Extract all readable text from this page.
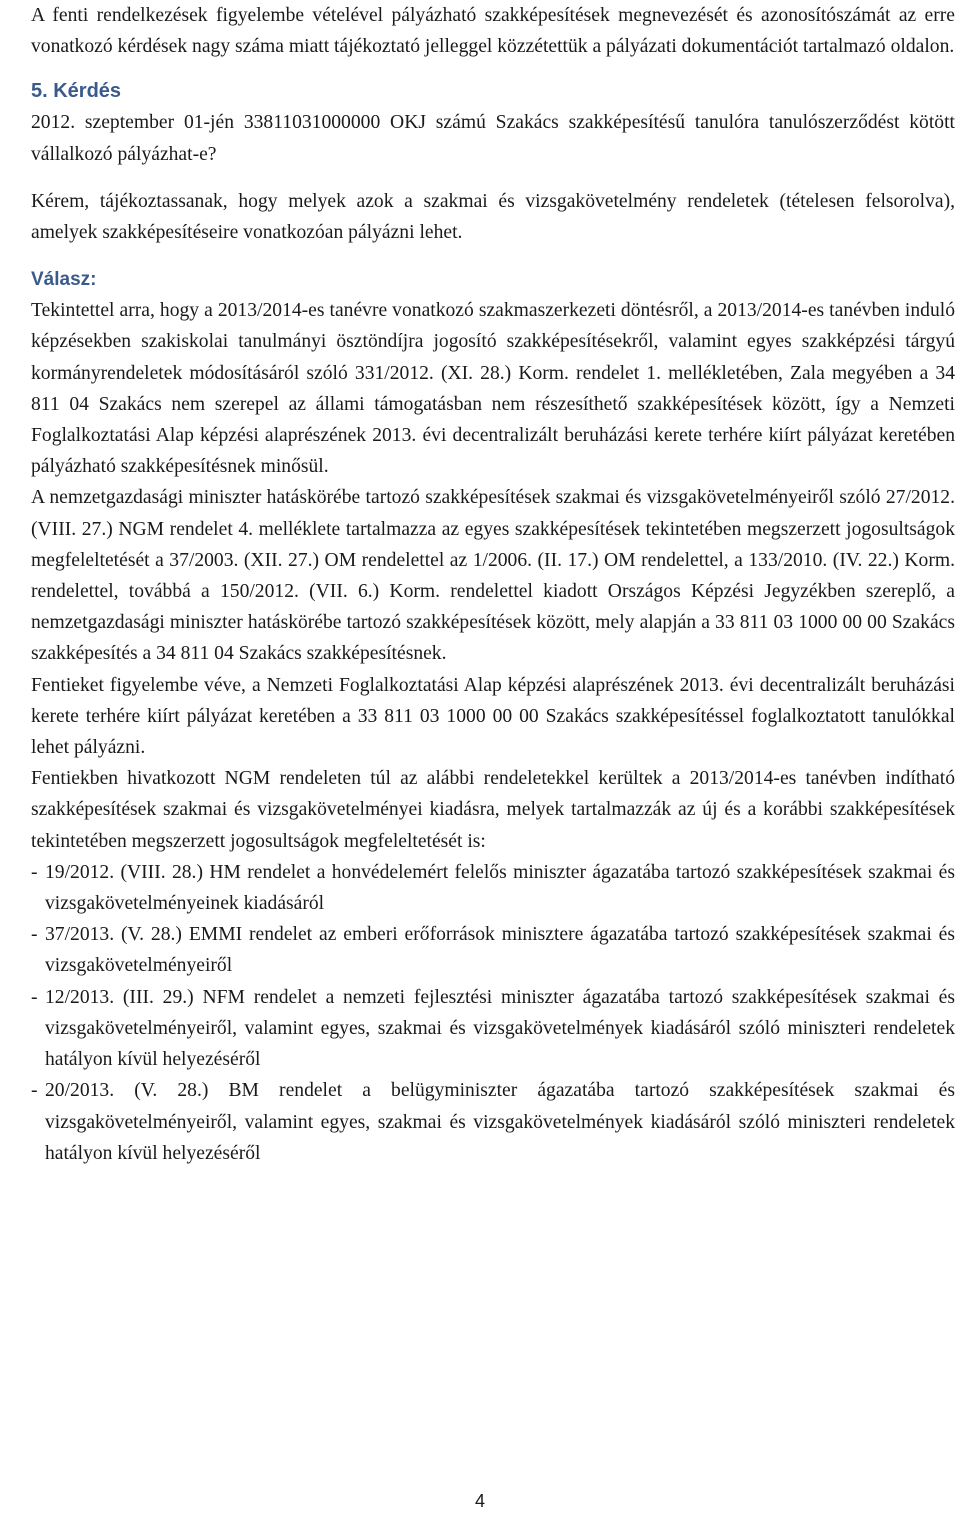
A fenti rendelkezések figyelembe vételével pályázható szakképesítések megnevezését és azonosítószámát az erre vonatkozó kérdések nagy száma miatt tájékoztató jelleggel közzétettük a pályázati dokumentációt tartalmazó oldalon.

5. Kérdés

2012. szeptember 01-jén 33811031000000 OKJ számú Szakács szakképesítésű tanulóra tanulószerződést kötött vállalkozó pályázhat-e?

Kérem, tájékoztassanak, hogy melyek azok a szakmai és vizsgakövetelmény rendeletek (tételesen felsorolva), amelyek szakképesítéseire vonatkozóan pályázni lehet.

Válasz:

Tekintettel arra, hogy a 2013/2014-es tanévre vonatkozó szakmaszerkezeti döntésről, a 2013/2014-es tanévben induló képzésekben szakiskolai tanulmányi ösztöndíjra jogosító szakképesítésekről, valamint egyes szakképzési tárgyú kormányrendeletek módosításáról szóló 331/2012. (XI. 28.) Korm. rendelet 1. mellékletében, Zala megyében a 34 811 04 Szakács nem szerepel az állami támogatásban nem részesíthető szakképesítések között, így a Nemzeti Foglalkoztatási Alap képzési alaprészének 2013. évi decentralizált beruházási kerete terhére kiírt pályázat keretében pályázható szakképesítésnek minősül.

A nemzetgazdasági miniszter hatáskörébe tartozó szakképesítések szakmai és vizsgakövetelményeiről szóló 27/2012. (VIII. 27.) NGM rendelet 4. melléklete tartalmazza az egyes szakképesítések tekintetében megszerzett jogosultságok megfeleltetését a 37/2003. (XII. 27.) OM rendelettel az 1/2006. (II. 17.) OM rendelettel, a 133/2010. (IV. 22.) Korm. rendelettel, továbbá a 150/2012. (VII. 6.) Korm. rendelettel kiadott Országos Képzési Jegyzékben szereplő, a nemzetgazdasági miniszter hatáskörébe tartozó szakképesítések között, mely alapján a 33 811 03 1000 00 00 Szakács szakképesítés a 34 811 04 Szakács szakképesítésnek.

Fentieket figyelembe véve, a Nemzeti Foglalkoztatási Alap képzési alaprészének 2013. évi decentralizált beruházási kerete terhére kiírt pályázat keretében a 33 811 03 1000 00 00 Szakács szakképesítéssel foglalkoztatott tanulókkal lehet pályázni.

Fentiekben hivatkozott NGM rendeleten túl az alábbi rendeletekkel kerültek a 2013/2014-es tanévben indítható szakképesítések szakmai és vizsgakövetelményei kiadásra, melyek tartalmazzák az új és a korábbi szakképesítések tekintetében megszerzett jogosultságok megfeleltetését is:

- 19/2012. (VIII. 28.) HM rendelet a honvédelemért felelős miniszter ágazatába tartozó szakképesítések szakmai és vizsgakövetelményeinek kiadásáról
- 37/2013. (V. 28.) EMMI rendelet az emberi erőforrások minisztere ágazatába tartozó szakképesítések szakmai és vizsgakövetelményeiről
- 12/2013. (III. 29.) NFM rendelet a nemzeti fejlesztési miniszter ágazatába tartozó szakképesítések szakmai és vizsgakövetelményeiről, valamint egyes, szakmai és vizsgakövetelmények kiadásáról szóló miniszteri rendeletek hatályon kívül helyezéséről
- 20/2013. (V. 28.) BM rendelet a belügyminiszter ágazatába tartozó szakképesítések szakmai és vizsgakövetelményeiről, valamint egyes, szakmai és vizsgakövetelmények kiadásáról szóló miniszteri rendeletek hatályon kívül helyezéséről
4
